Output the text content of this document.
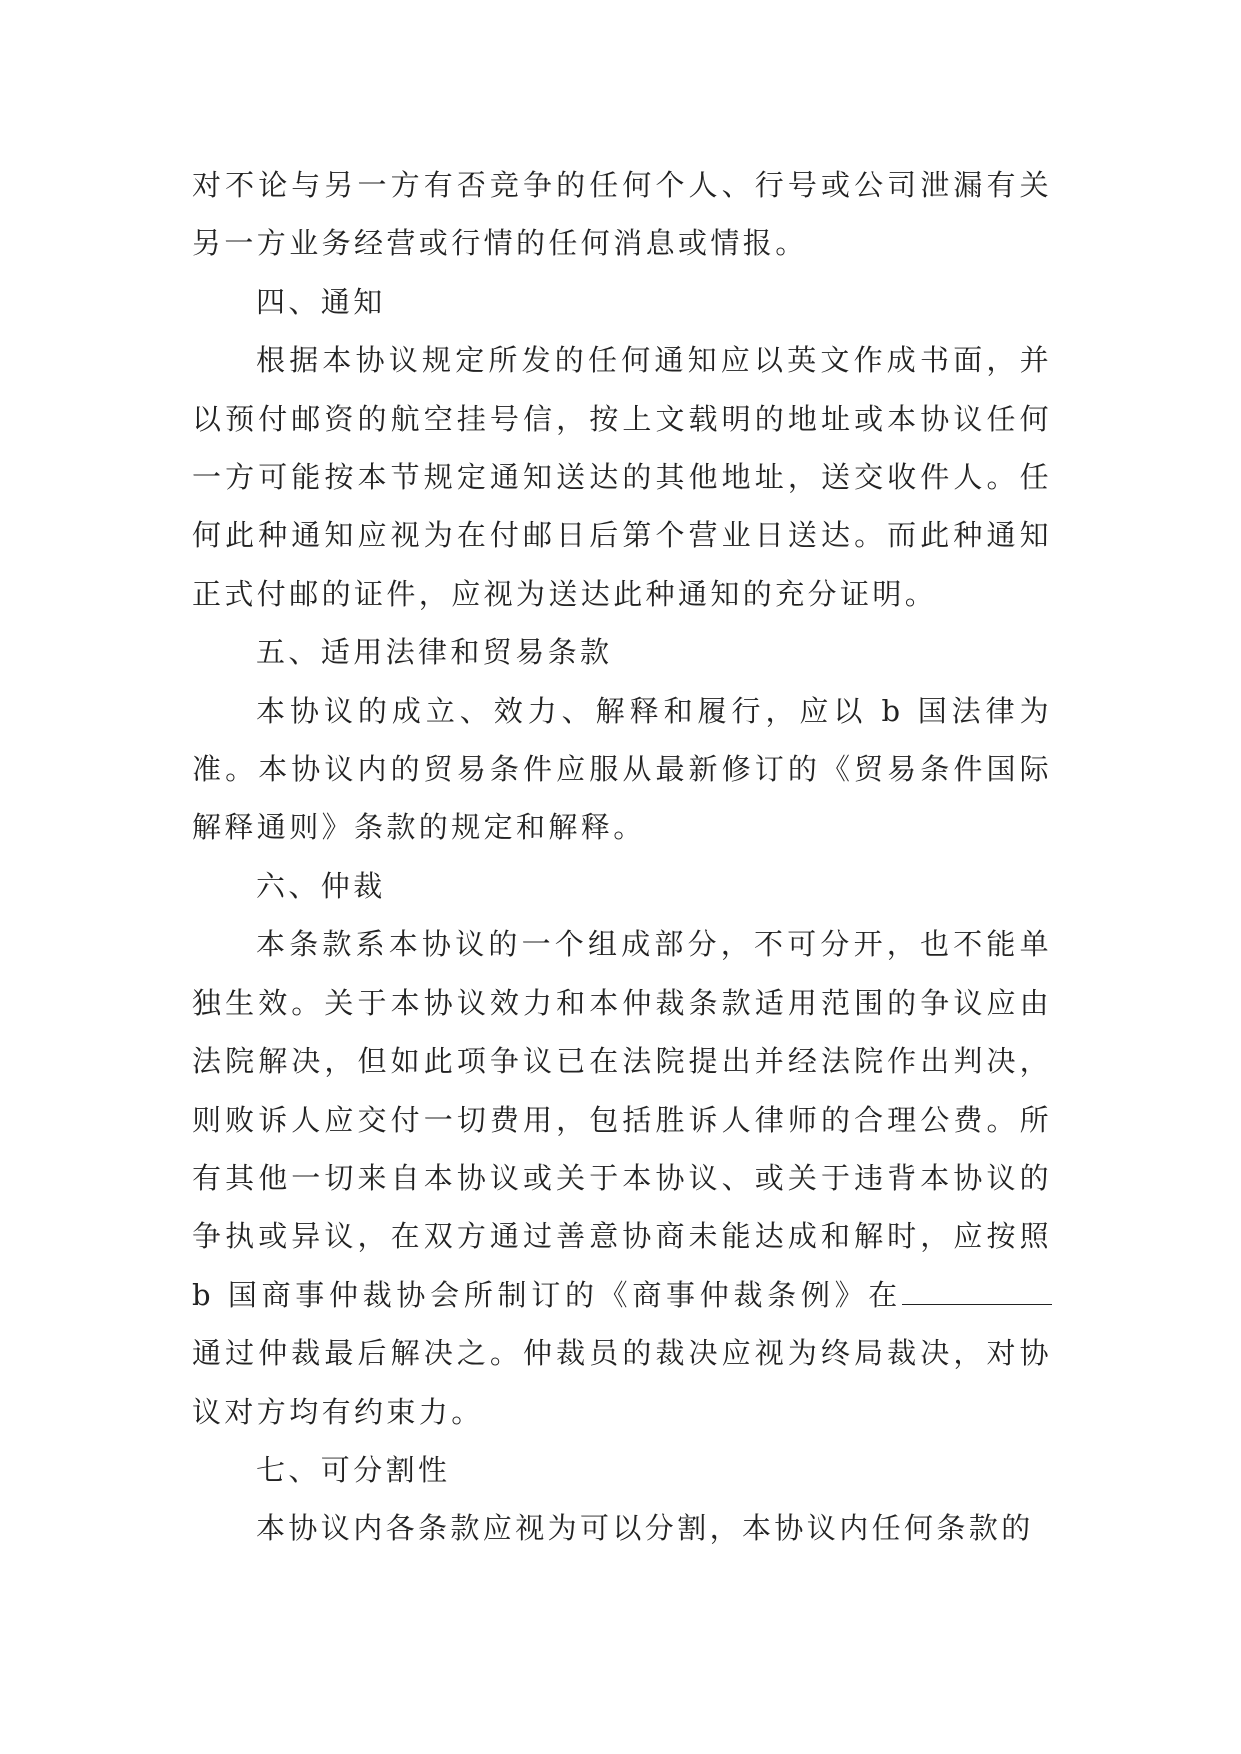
对不论与另一方有否竞争的任何个人、行号或公司泄漏有关另一方业务经营或行情的任何消息或情报。

四、通知

根据本协议规定所发的任何通知应以英文作成书面，并以预付邮资的航空挂号信，按上文载明的地址或本协议任何一方可能按本节规定通知送达的其他地址，送交收件人。任何此种通知应视为在付邮日后第个营业日送达。而此种通知正式付邮的证件，应视为送达此种通知的充分证明。

五、适用法律和贸易条款

本协议的成立、效力、解释和履行，应以 b 国法律为准。本协议内的贸易条件应服从最新修订的《贸易条件国际解释通则》条款的规定和解释。

六、仲裁

本条款系本协议的一个组成部分，不可分开，也不能单独生效。关于本协议效力和本仲裁条款适用范围的争议应由法院解决，但如此项争议已在法院提出并经法院作出判决，则败诉人应交付一切费用，包括胜诉人律师的合理公费。所有其他一切来自本协议或关于本协议、或关于违背本协议的争执或异议，在双方通过善意协商未能达成和解时，应按照 b 国商事仲裁协会所制订的《商事仲裁条例》在通过仲裁最后解决之。仲裁员的裁决应视为终局裁决，对协议对方均有约束力。

七、可分割性

本协议内各条款应视为可以分割，本协议内任何条款的
